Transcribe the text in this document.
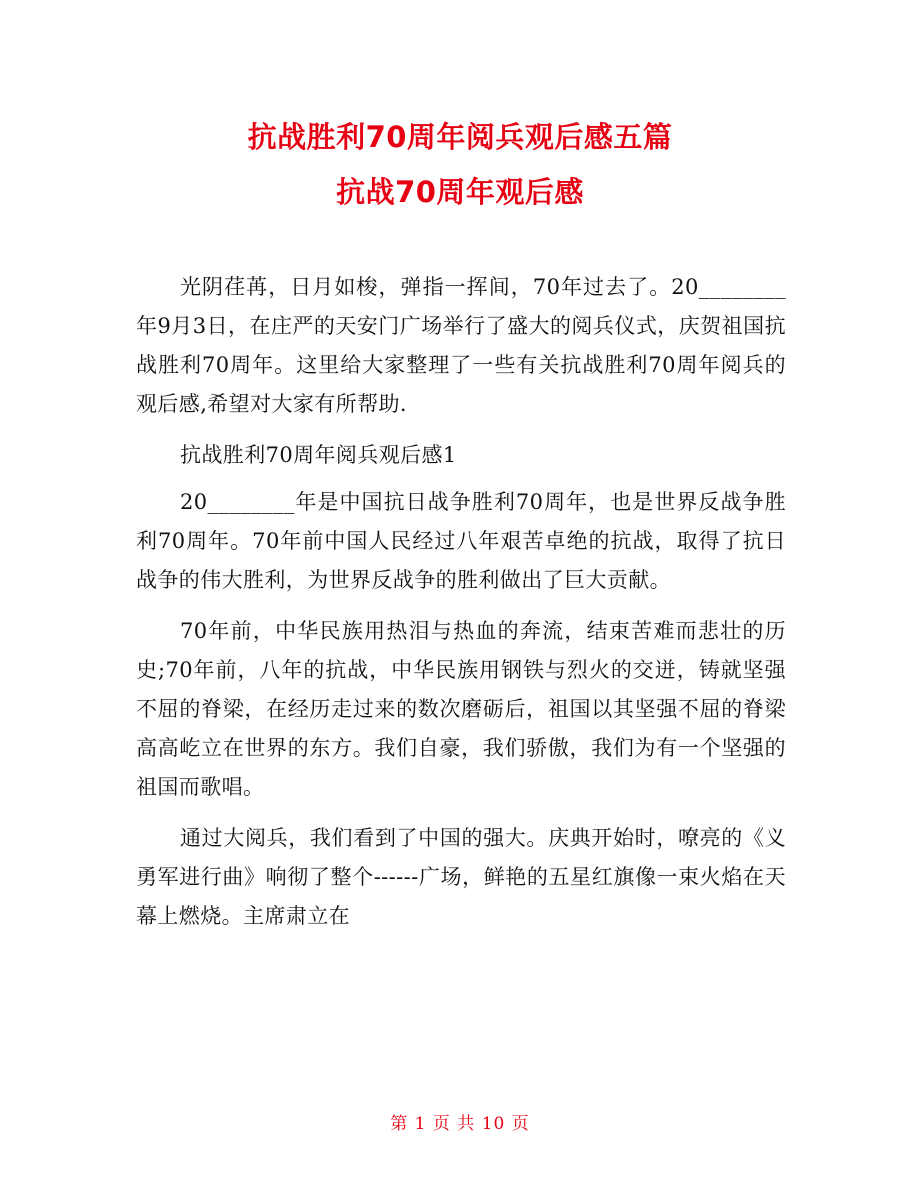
抗战胜利70周年阅兵观后感五篇
抗战70周年观后感

光阴荏苒，日月如梭，弹指一挥间，70年过去了。20________年9月3日，在庄严的天安门广场举行了盛大的阅兵仪式，庆贺祖国抗战胜利70周年。这里给大家整理了一些有关抗战胜利70周年阅兵的观后感,希望对大家有所帮助.

抗战胜利70周年阅兵观后感1

20________年是中国抗日战争胜利70周年，也是世界反战争胜利70周年。70年前中国人民经过八年艰苦卓绝的抗战，取得了抗日战争的伟大胜利，为世界反战争的胜利做出了巨大贡献。

70年前，中华民族用热泪与热血的奔流，结束苦难而悲壮的历史;70年前，八年的抗战，中华民族用钢铁与烈火的交迸，铸就坚强不屈的脊梁，在经历走过来的数次磨砺后，祖国以其坚强不屈的脊梁高高屹立在世界的东方。我们自豪，我们骄傲，我们为有一个坚强的祖国而歌唱。

通过大阅兵，我们看到了中国的强大。庆典开始时，嘹亮的《义勇军进行曲》响彻了整个------广场，鲜艳的五星红旗像一束火焰在天幕上燃烧。主席肃立在

第 1 页 共 10 页
